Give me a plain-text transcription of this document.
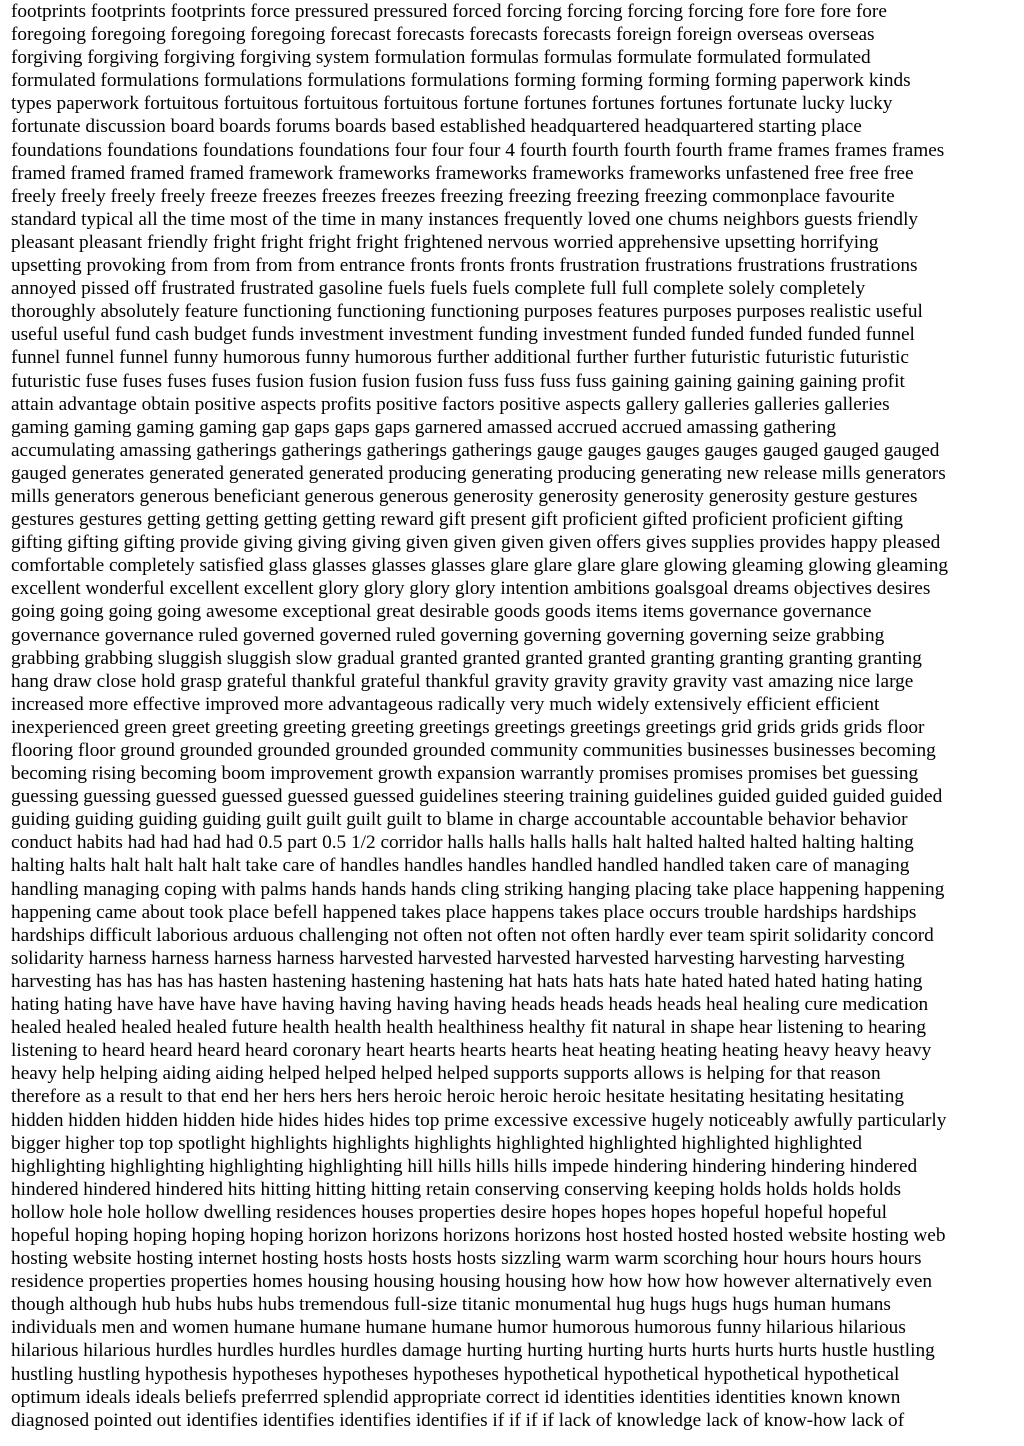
footprints footprints footprints force pressured pressured forced forcing forcing forcing forcing fore fore fore fore
foregoing foregoing foregoing foregoing forecast forecasts forecasts forecasts foreign foreign overseas overseas
forgiving forgiving forgiving forgiving system formulation formulas formulas formulate formulated formulated
formulated formulations formulations formulations formulations forming forming forming forming paperwork kinds
types paperwork fortuitous fortuitous fortuitous fortuitous fortune fortunes fortunes fortunes fortunate lucky lucky
fortunate discussion board boards forums boards based established headquartered headquartered starting place
foundations foundations foundations foundations four four four 4 fourth fourth fourth fourth frame frames frames frames
framed framed framed framed framework frameworks frameworks frameworks frameworks unfastened free free free
freely freely freely freely freeze freezes freezes freezes freezing freezing freezing freezing commonplace favourite
standard typical all the time most of the time in many instances frequently loved one chums neighbors guests friendly
pleasant pleasant friendly fright fright fright fright frightened nervous worried apprehensive upsetting horrifying
upsetting provoking from from from from entrance fronts fronts fronts frustration frustrations frustrations frustrations
annoyed pissed off frustrated frustrated gasoline fuels fuels fuels complete full full complete solely completely
thoroughly absolutely feature functioning functioning functioning purposes features purposes purposes realistic useful
useful useful fund cash budget funds investment investment funding investment funded funded funded funded funnel
funnel funnel funnel funny humorous funny humorous further additional further further futuristic futuristic futuristic
futuristic fuse fuses fuses fuses fusion fusion fusion fusion fuss fuss fuss fuss gaining gaining gaining gaining profit
attain advantage obtain positive aspects profits positive factors positive aspects gallery galleries galleries galleries
gaming gaming gaming gaming gap gaps gaps gaps garnered amassed accrued accrued amassing gathering
accumulating amassing gatherings gatherings gatherings gatherings gauge gauges gauges gauges gauged gauged gauged
gauged generates generated generated generated producing generating producing generating new release mills generators
mills generators generous beneficiant generous generous generosity generosity generosity generosity gesture gestures
gestures gestures getting getting getting getting reward gift present gift proficient gifted proficient proficient gifting
gifting gifting gifting provide giving giving giving given given given given offers gives supplies provides happy pleased
comfortable completely satisfied glass glasses glasses glasses glare glare glare glare glowing gleaming glowing gleaming
excellent wonderful excellent excellent glory glory glory glory intention ambitions goalsgoal dreams objectives desires
going going going going awesome exceptional great desirable goods goods items items governance governance
governance governance ruled governed governed ruled governing governing governing governing seize grabbing
grabbing grabbing sluggish sluggish slow gradual granted granted granted granted granting granting granting granting
hang draw close hold grasp grateful thankful grateful thankful gravity gravity gravity gravity vast amazing nice large
increased more effective improved more advantageous radically very much widely extensively efficient efficient
inexperienced green greet greeting greeting greeting greetings greetings greetings greetings grid grids grids grids floor
flooring floor ground grounded grounded grounded grounded community communities businesses businesses becoming
becoming rising becoming boom improvement growth expansion warrantly promises promises promises bet guessing
guessing guessing guessed guessed guessed guessed guidelines steering training guidelines guided guided guided guided
guiding guiding guiding guiding guilt guilt guilt guilt to blame in charge accountable accountable behavior behavior
conduct habits had had had had 0.5 part 0.5 1/2 corridor halls halls halls halls halt halted halted halted halting halting
halting halts halt halt halt halt take care of handles handles handles handled handled handled taken care of managing
handling managing coping with palms hands hands hands cling striking hanging placing take place happening happening
happening came about took place befell happened takes place happens takes place occurs trouble hardships hardships
hardships difficult laborious arduous challenging not often not often not often hardly ever team spirit solidarity concord
solidarity harness harness harness harness harvested harvested harvested harvested harvesting harvesting harvesting
harvesting has has has has hasten hastening hastening hastening hat hats hats hats hate hated hated hated hating hating
hating hating have have have have having having having having heads heads heads heads heal healing cure medication
healed healed healed healed future health health health healthiness healthy fit natural in shape hear listening to hearing
listening to heard heard heard heard coronary heart hearts hearts hearts heat heating heating heating heavy heavy heavy
heavy help helping aiding aiding helped helped helped helped supports supports allows is helping for that reason
therefore as a result to that end her hers hers hers heroic heroic heroic heroic hesitate hesitating hesitating hesitating
hidden hidden hidden hidden hide hides hides hides top prime excessive excessive hugely noticeably awfully particularly
bigger higher top top spotlight highlights highlights highlights highlighted highlighted highlighted highlighted
highlighting highlighting highlighting highlighting hill hills hills hills impede hindering hindering hindering hindered
hindered hindered hindered hits hitting hitting hitting retain conserving conserving keeping holds holds holds holds
hollow hole hole hollow dwelling residences houses properties desire hopes hopes hopes hopeful hopeful hopeful
hopeful hoping hoping hoping hoping horizon horizons horizons horizons host hosted hosted hosted website hosting web
hosting website hosting internet hosting hosts hosts hosts hosts sizzling warm warm scorching hour hours hours hours
residence properties properties homes housing housing housing housing how how how how however alternatively even
though although hub hubs hubs hubs tremendous full-size titanic monumental hug hugs hugs hugs human humans
individuals men and women humane humane humane humane humor humorous humorous funny hilarious hilarious
hilarious hilarious hurdles hurdles hurdles hurdles damage hurting hurting hurting hurts hurts hurts hurts hustle hustling
hustling hustling hypothesis hypotheses hypotheses hypotheses hypothetical hypothetical hypothetical hypothetical
optimum ideals ideals beliefs preferrred splendid appropriate correct id identities identities identities known known
diagnosed pointed out identifies identifies identifies identifies if if if if lack of knowledge lack of know-how lack of
